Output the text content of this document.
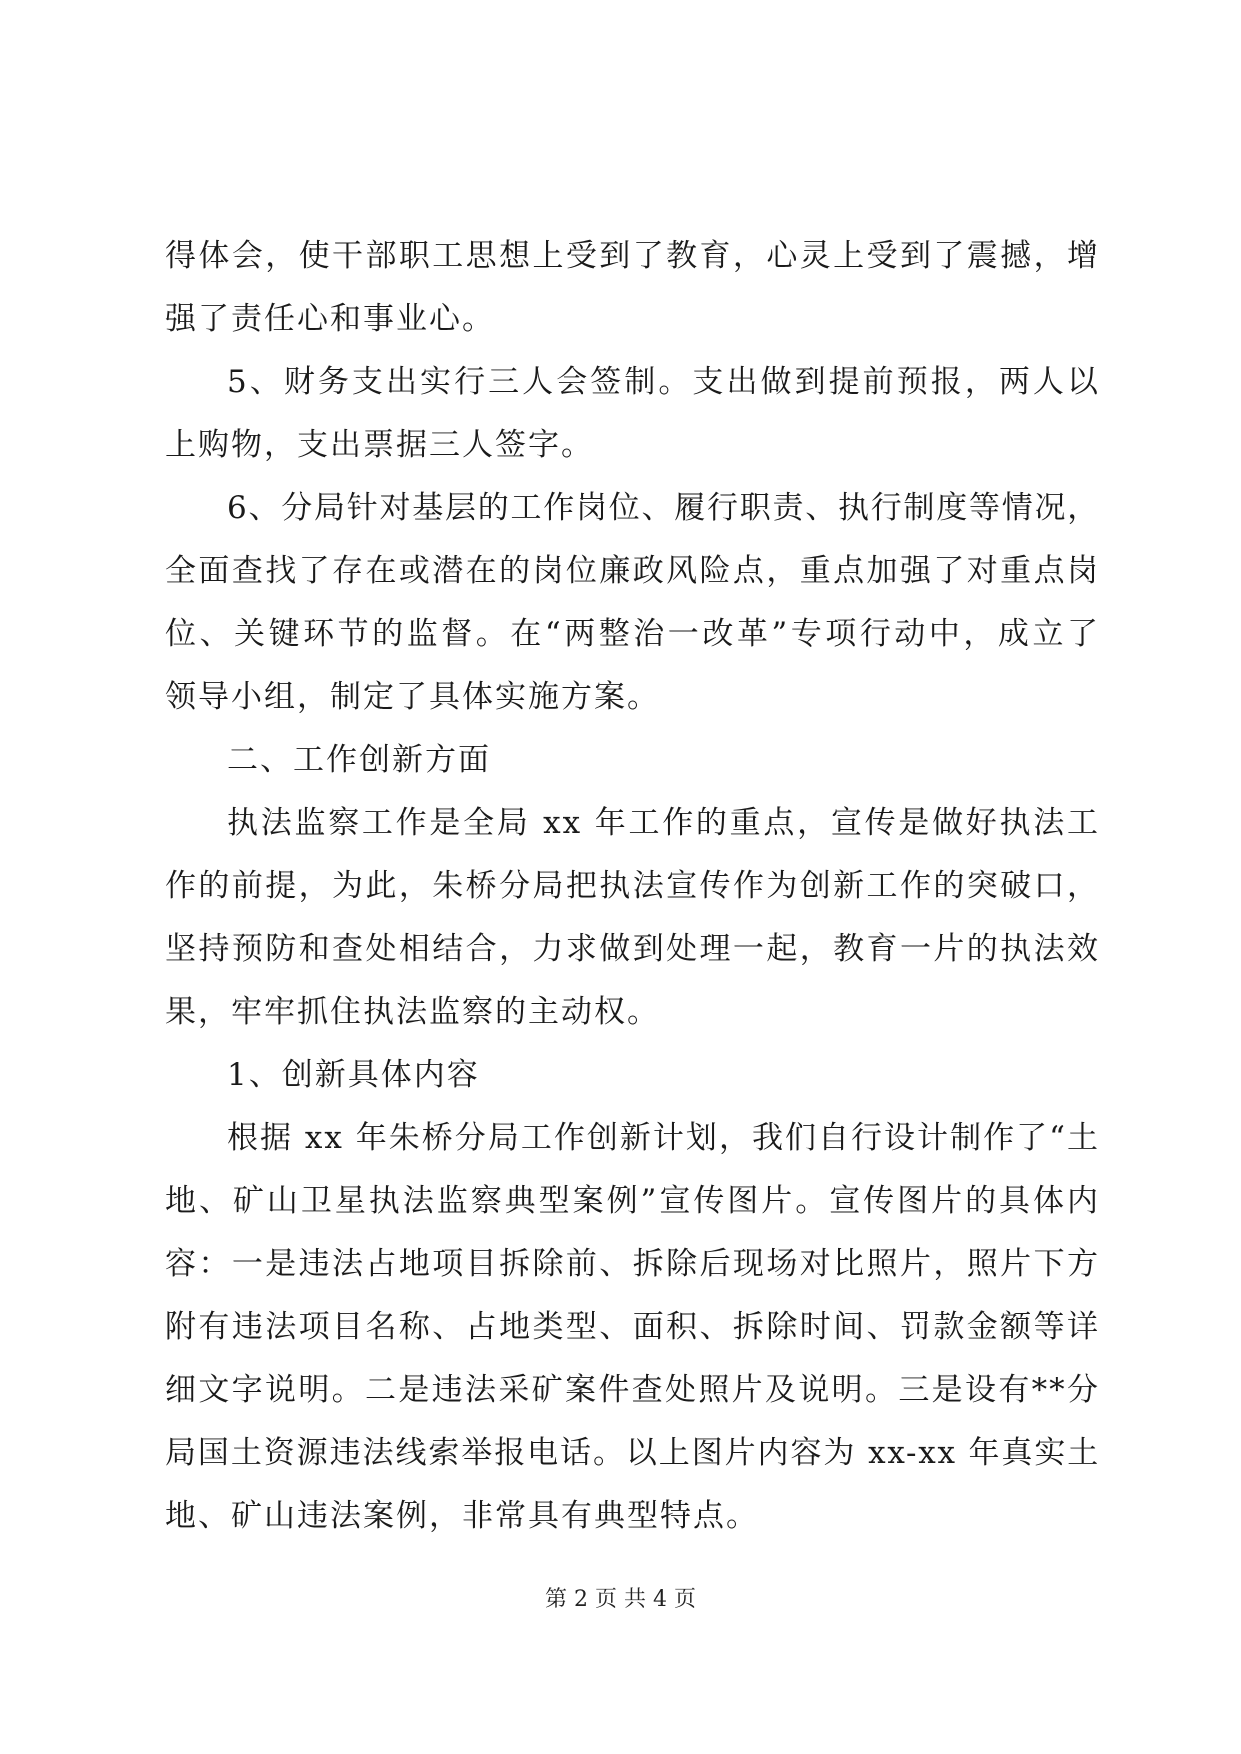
得体会，使干部职工思想上受到了教育，心灵上受到了震撼，增
强了责任心和事业心。
5、财务支出实行三人会签制。支出做到提前预报，两人以
上购物，支出票据三人签字。
6、分局针对基层的工作岗位、履行职责、执行制度等情况，
全面查找了存在或潜在的岗位廉政风险点，重点加强了对重点岗
位、关键环节的监督。在“两整治一改革”专项行动中，成立了
领导小组，制定了具体实施方案。
二、工作创新方面
执法监察工作是全局 xx 年工作的重点，宣传是做好执法工
作的前提，为此，朱桥分局把执法宣传作为创新工作的突破口，
坚持预防和查处相结合，力求做到处理一起，教育一片的执法效
果，牢牢抓住执法监察的主动权。
1、创新具体内容
根据 xx 年朱桥分局工作创新计划，我们自行设计制作了“土
地、矿山卫星执法监察典型案例”宣传图片。宣传图片的具体内
容：一是违法占地项目拆除前、拆除后现场对比照片，照片下方
附有违法项目名称、占地类型、面积、拆除时间、罚款金额等详
细文字说明。二是违法采矿案件查处照片及说明。三是设有**分
局国土资源违法线索举报电话。以上图片内容为 xx-xx 年真实土
地、矿山违法案例，非常具有典型特点。
第 2 页 共 4 页
